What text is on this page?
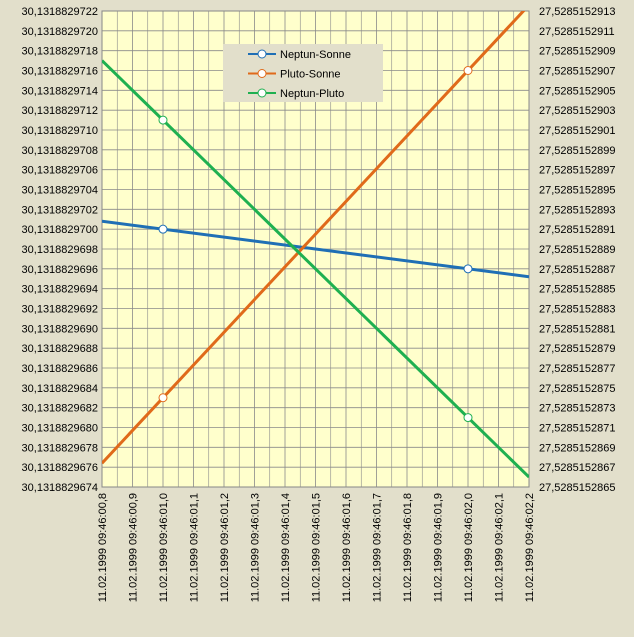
30,1318829722
30,1318829720
30,1318829718
30,1318829716
30,1318829714
30,1318829712
30,1318829710
30,1318829708
30,1318829706
30,1318829704
30,1318829702
30,1318829700
30,1318829698
30,1318829696
30,1318829694
30,1318829692
30,1318829690
30,1318829688
30,1318829686
30,1318829684
30,1318829682
30,1318829680
30,1318829678
30,1318829676
30,1318829674
27,5285152913
27,5285152911
27,5285152909
27,5285152907
27,5285152905
27,5285152903
27,5285152901
27,5285152899
27,5285152897
27,5285152895
27,5285152893
27,5285152891
27,5285152889
27,5285152887
27,5285152885
27,5285152883
27,5285152881
27,5285152879
27,5285152877
27,5285152875
27,5285152873
27,5285152871
27,5285152869
27,5285152867
27,5285152865
11.02.1999 09:46:00,8 11.02.1999 09:46:00,9 11.02.1999 09:46:01,0 11.02.1999 09:46:01,1 11.02.1999 09:46:01,2 11.02.1999 09:46:01,3 11.02.1999 09:46:01,4 11.02.1999 09:46:01,5 11.02.1999 09:46:01,6 11.02.1999 09:46:01,7 11.02.1999 09:46:01,8 11.02.1999 09:46:01,9 11.02.1999 09:46:02,0 11.02.1999 09:46:02,1 11.02.1999 09:46:02,2
Neptun-Sonne
Pluto-Sonne
Neptun-Pluto
